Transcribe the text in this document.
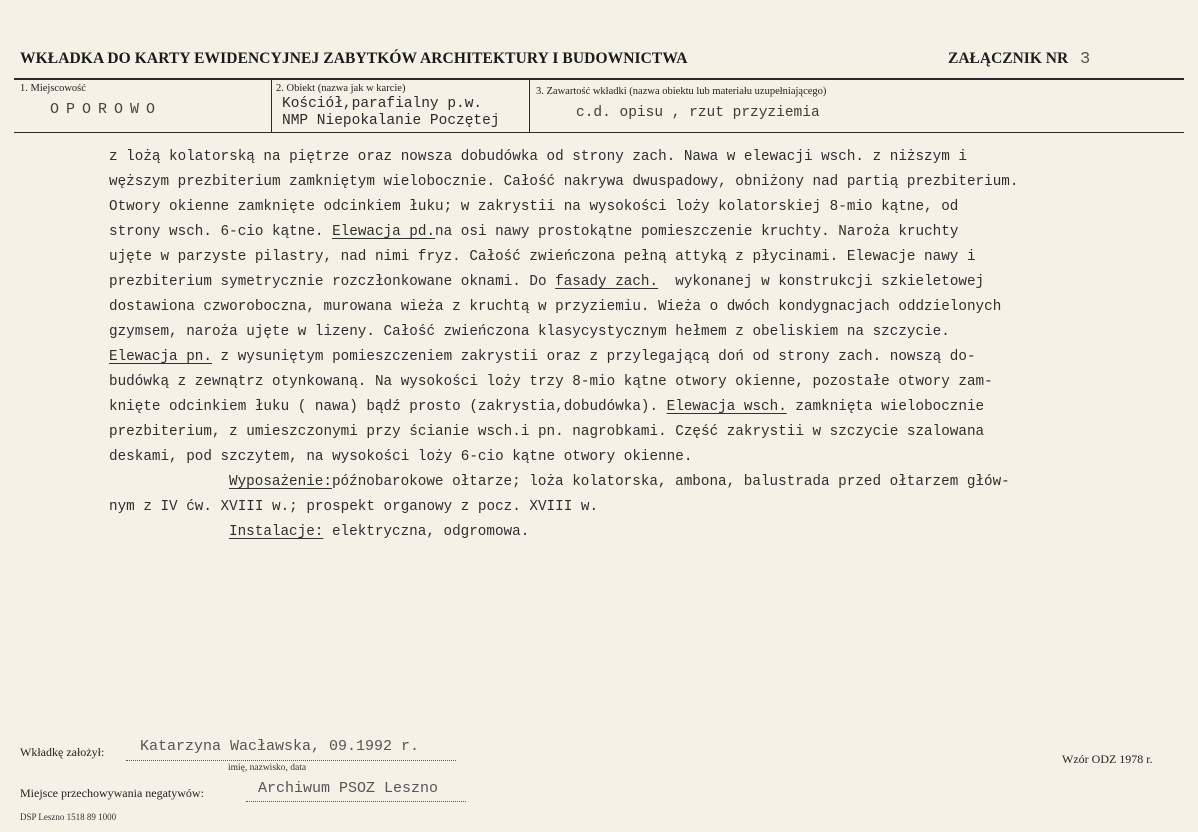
WKŁADKA DO KARTY EWIDENCYJNEJ ZABYTKÓW ARCHITEKTURY I BUDOWNICTWA	ZAŁĄCZNIK NR 3
1. Miejscowość
OPOROWO
2. Obiekt (nazwa jak w karcie)
Kościół,parafialny p.w.
NMP Niepokalanie Poczętej
3. Zawartość wkładki (nazwa obiektu lub materiału uzupełniającego)
c.d. opisu , rzut przyziemia
z lożą kolatorską na piętrze oraz nowsza dobudówka od strony zach. Nawa w elewacji wsch. z niższym i
węższym prezbiterium zamkniętym wielobocznie. Całość nakrywa dwuspadowy, obniżony nad partią prezbiterium.
Otwory okienne zamknięte odcinkiem łuku; w zakrystii na wysokości loży kolatorskiej 8-mio kątne, od
strony wsch. 6-cio kątne. Elewacja pd.na osi nawy prostokątne pomieszczenie kruchty. Naroża kruchty
ujęte w parzyste pilastry, nad nimi fryz. Całość zwieńczona pełną attyką z płycinami. Elewacje nawy i
prezbiterium symetrycznie rozczłonkowane oknami. Do fasady zach.  wykonanej w konstrukcji szkieletowej
dostawiona czworoboczna, murowana wieża z kruchtą w przyziemiu. Wieża o dwóch kondygnacjach oddzielonych
gzymsem, naroża ujęte w lizeny. Całość zwieńczona klasycystycznym hełmem z obeliskiem na szczycie.
Elewacja pn. z wysuniętym pomieszczeniem zakrystii oraz z przylegającą doń od strony zach. nowszą do-
budówką z zewnątrz otynkowaną. Na wysokości loży trzy 8-mio kątne otwory okienne, pozostałe otwory zam-
knięte odcinkiem łuku ( nawa) bądź prosto (zakrystia,dobudówka). Elewacja wsch. zamknięta wielobocznie
prezbiterium, z umieszczonymi przy ścianie wsch.i pn. nagrobkami. Część zakrystii w szczycie szalowana
deskami, pod szczytem, na wysokości loży 6-cio kątne otwory okienne.
Wyposażenie:późnobarokowe ołtarze; loża kolatorska, ambona, balustrada przed ołtarzem głów-
nym z IV ćw. XVIII w.; prospekt organowy z pocz. XVIII w.
Instalacje: elektryczna, odgromowa.
Wkładkę założył: Katarzyna Wacławska, 09.1992 r.
imię, nazwisko, data
Wzór ODZ 1978 r.
Miejsce przechowywania negatywów:	Archiwum PSOZ Leszno
DSP Leszno 1518 89 1000
